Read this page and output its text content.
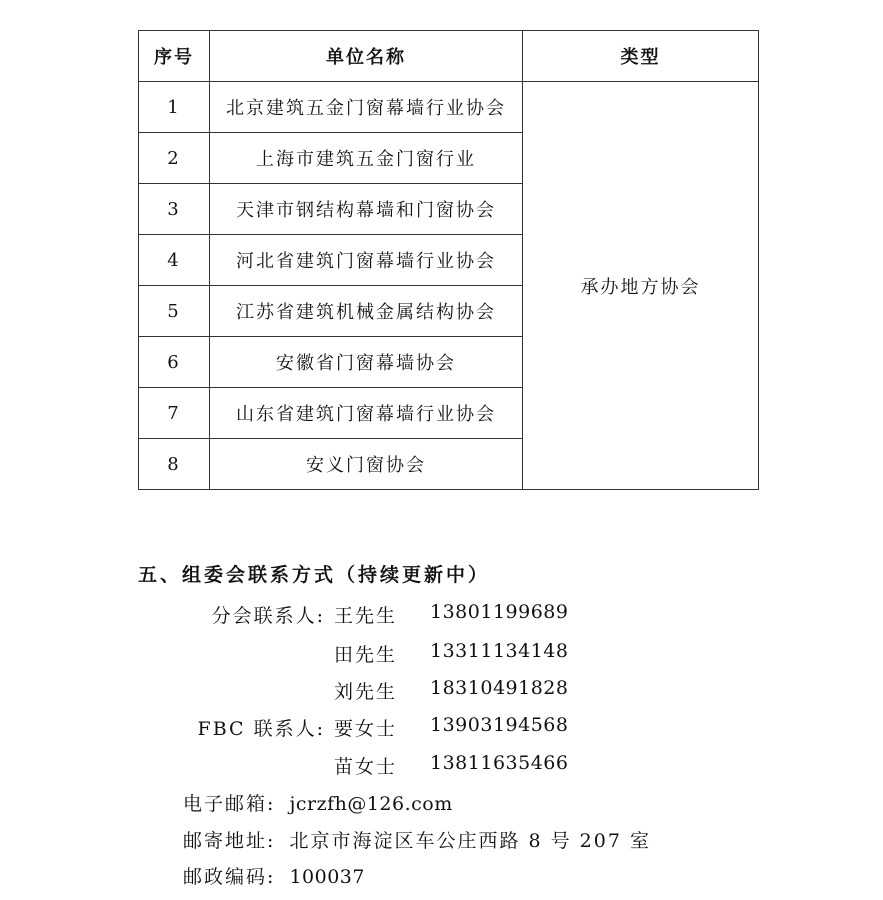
序号	单位名称	类型
1	北京建筑五金门窗幕墙行业协会	承办地方协会
2	上海市建筑五金门窗行业	
3	天津市钢结构幕墙和门窗协会	
4	河北省建筑门窗幕墙行业协会	
5	江苏省建筑机械金属结构协会	
6	安徽省门窗幕墙协会	
7	山东省建筑门窗幕墙行业协会	
8	安义门窗协会	
五、组委会联系方式（持续更新中）
分会联系人: 王先生 13801199689
田先生 13311134148
刘先生 18310491828
FBC 联系人: 要女士 13903194568
苗女士 13811635466
电子邮箱: jcrzfh@126.com
邮寄地址: 北京市海淀区车公庄西路 8 号 207 室
邮政编码: 100037
